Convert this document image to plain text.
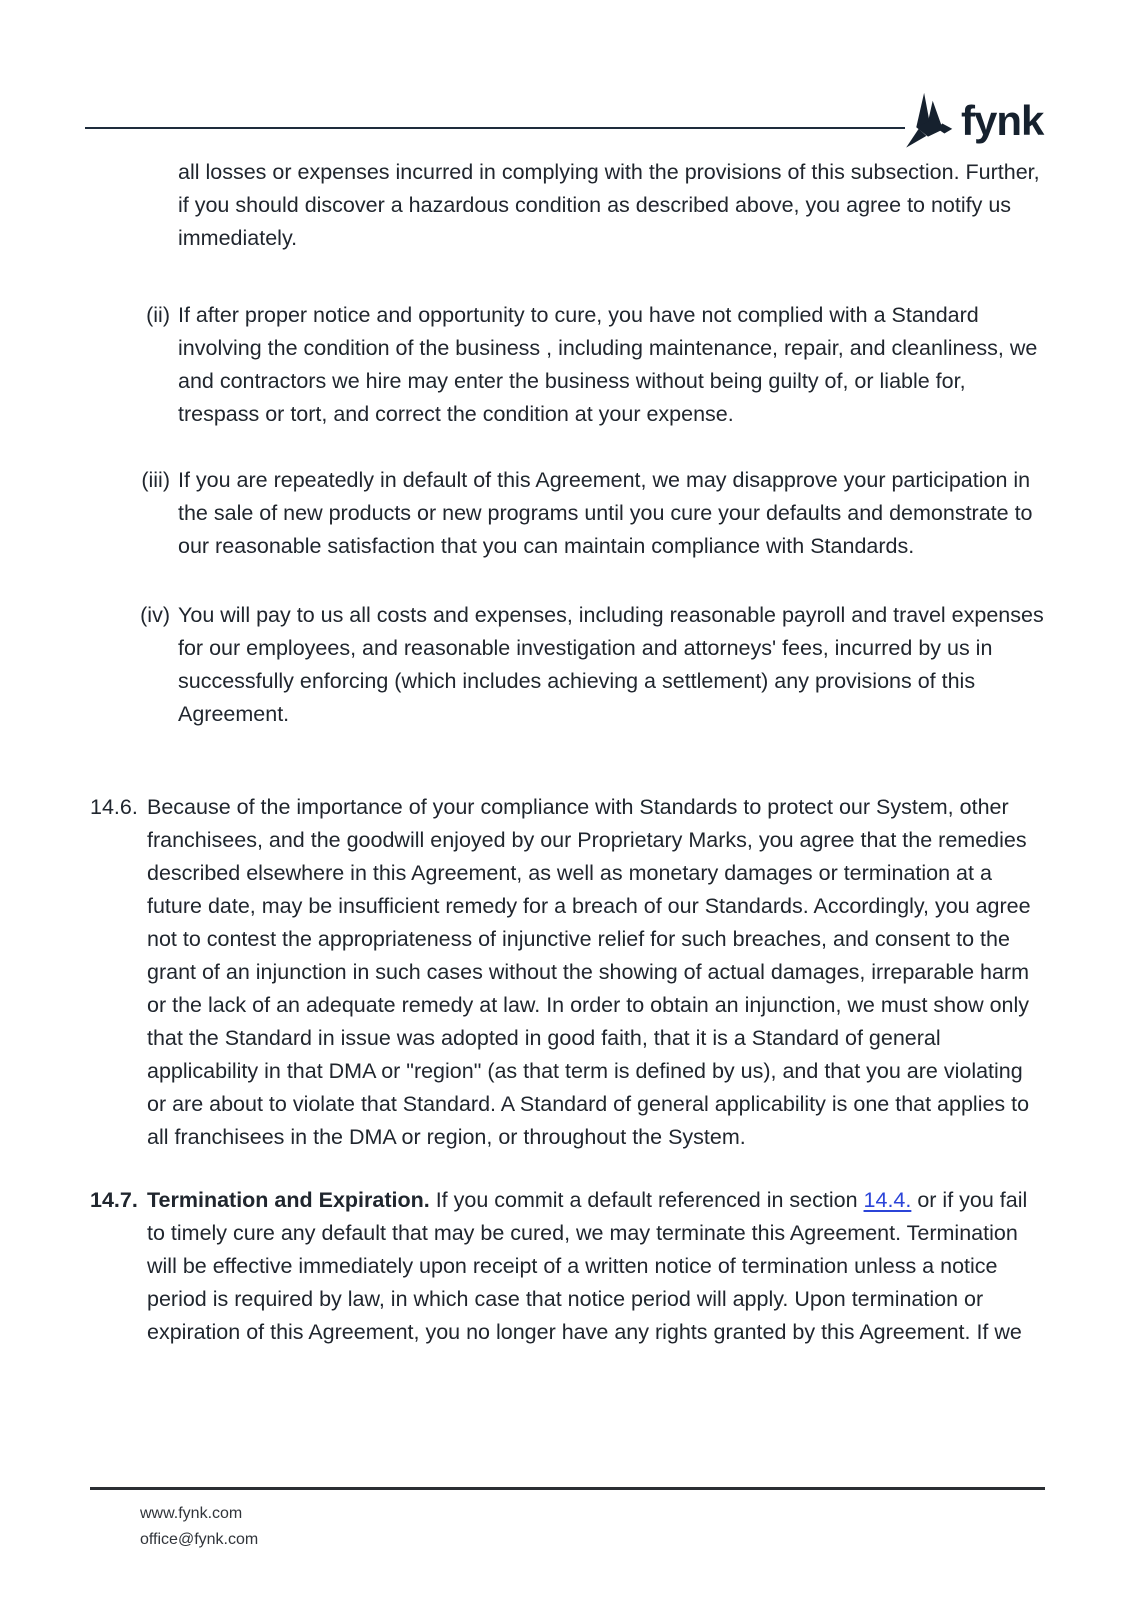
fynk

all losses or expenses incurred in complying with the provisions of this subsection. Further, if you should discover a hazardous condition as described above, you agree to notify us immediately.

(ii) If after proper notice and opportunity to cure, you have not complied with a Standard involving the condition of the business , including maintenance, repair, and cleanliness, we and contractors we hire may enter the business without being guilty of, or liable for, trespass or tort, and correct the condition at your expense.
(iii) If you are repeatedly in default of this Agreement, we may disapprove your participation in the sale of new products or new programs until you cure your defaults and demonstrate to our reasonable satisfaction that you can maintain compliance with Standards.
(iv) You will pay to us all costs and expenses, including reasonable payroll and travel expenses for our employees, and reasonable investigation and attorneys' fees, incurred by us in successfully enforcing (which includes achieving a settlement) any provisions of this Agreement.
14.6. Because of the importance of your compliance with Standards to protect our System, other franchisees, and the goodwill enjoyed by our Proprietary Marks, you agree that the remedies described elsewhere in this Agreement, as well as monetary damages or termination at a future date, may be insufficient remedy for a breach of our Standards. Accordingly, you agree not to contest the appropriateness of injunctive relief for such breaches, and consent to the grant of an injunction in such cases without the showing of actual damages, irreparable harm or the lack of an adequate remedy at law. In order to obtain an injunction, we must show only that the Standard in issue was adopted in good faith, that it is a Standard of general applicability in that DMA or "region" (as that term is defined by us), and that you are violating or are about to violate that Standard. A Standard of general applicability is one that applies to all franchisees in the DMA or region, or throughout the System.
14.7. Termination and Expiration. If you commit a default referenced in section 14.4. or if you fail to timely cure any default that may be cured, we may terminate this Agreement. Termination will be effective immediately upon receipt of a written notice of termination unless a notice period is required by law, in which case that notice period will apply. Upon termination or expiration of this Agreement, you no longer have any rights granted by this Agreement. If we
www.fynk.com
office@fynk.com
